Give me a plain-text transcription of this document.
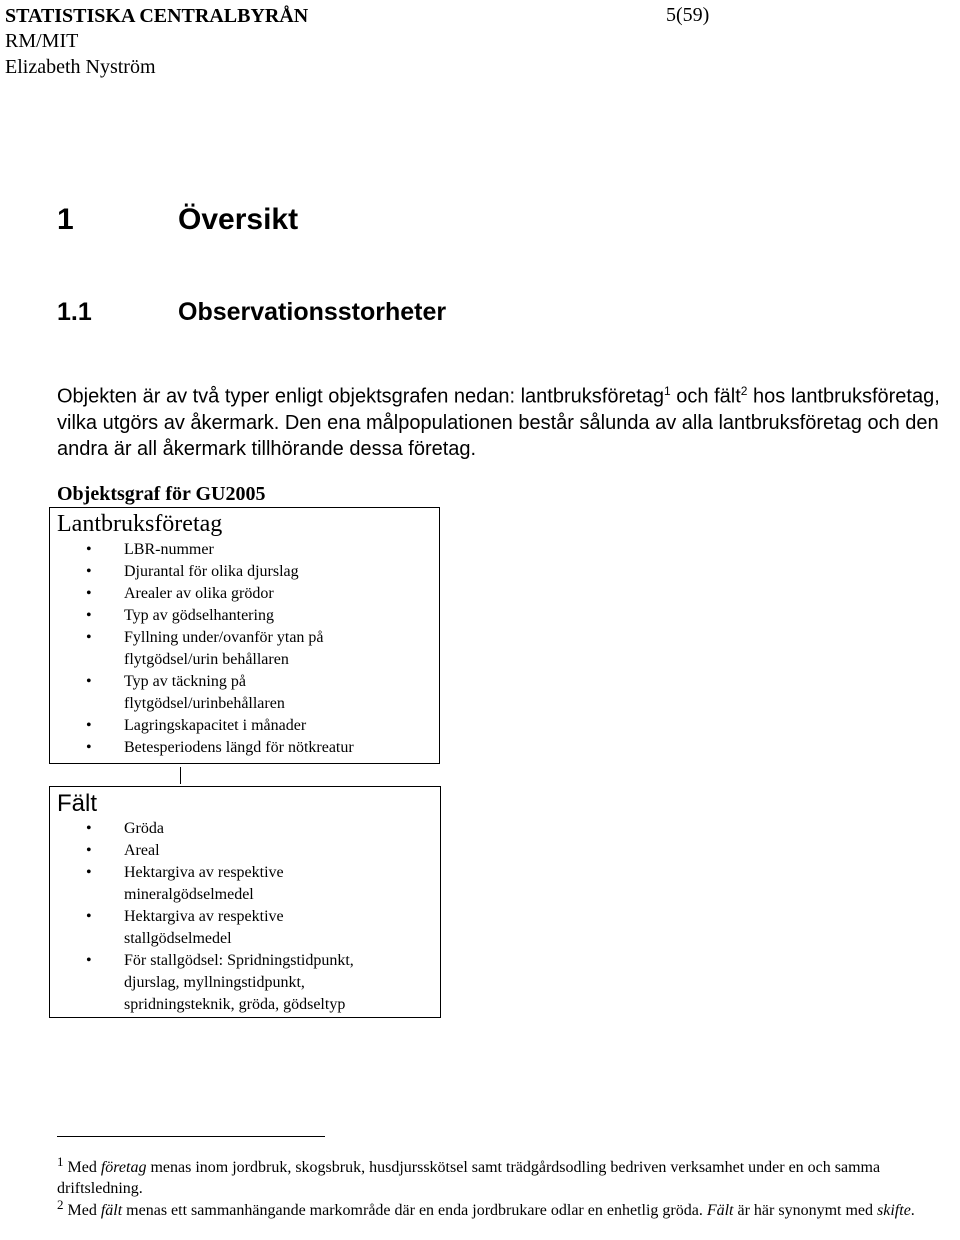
STATISTISKA CENTRALBYRÅN	5(59)
RM/MIT
Elizabeth Nyström
1	Översikt
1.1	Observationsstorheter

Objekten är av två typer enligt objektsgrafen nedan: lantbruksföretag$^1$ och fält$^2$ hos lantbruksföretag, vilka utgörs av åkermark. Den ena målpopulationen består sålunda av alla lantbruksföretag och den andra är all åkermark tillhörande dessa företag.

Objektsgraf för GU2005
Lantbruksföretag
• LBR-nummer
• Djurantal för olika djurslag
• Arealer av olika grödor
• Typ av gödselhantering
• Fyllning under/ovanför ytan på flytgödsel/urin behållaren
• Typ av täckning på flytgödsel/urinbehållaren
• Lagringskapacitet i månader
• Betesperiodens längd för nötkreatur
Fält
• Gröda
• Areal
• Hektargiva av respektive mineralgödselmedel
• Hektargiva av respektive stallgödselmedel
• För stallgödsel: Spridningstidpunkt, djurslag, myllningstidpunkt, spridningsteknik, gröda, gödseltyp

$^1$ Med företag menas inom jordbruk, skogsbruk, husdjursskötsel samt trädgårdsodling bedriven verksamhet under en och samma driftsledning.

$^2$ Med fält menas ett sammanhängande markområde där en enda jordbrukare odlar en enhetlig gröda. Fält är här synonymt med skifte.
